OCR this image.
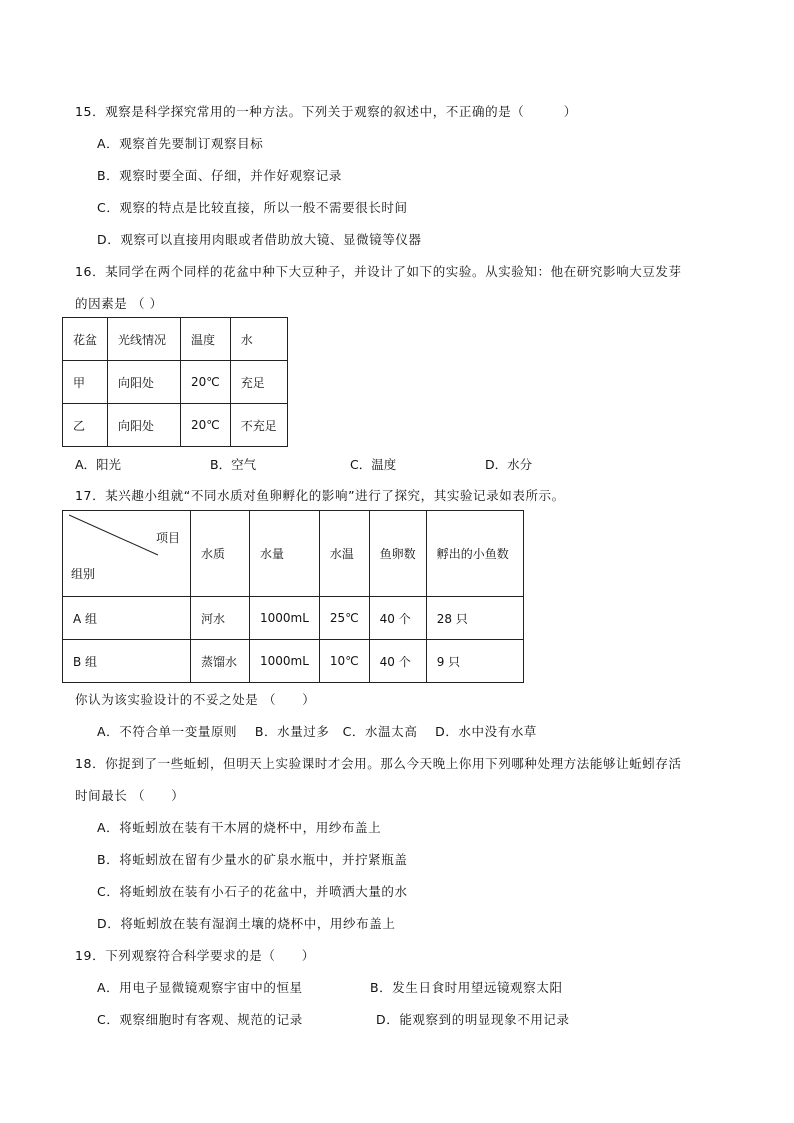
15．观察是科学探究常用的一种方法。下列关于观察的叙述中，不正确的是（　　　）
A．观察首先要制订观察目标
B．观察时要全面、仔细，并作好观察记录
C．观察的特点是比较直接，所以一般不需要很长时间
D．观察可以直接用肉眼或者借助放大镜、显微镜等仪器
16．某同学在两个同样的花盆中种下大豆种子，并设计了如下的实验。从实验知：他在研究影响大豆发芽
的因素是 （ ）
花盆	光线情况	温度	水
甲	向阳处	20℃	充足
乙	向阳处	20℃	不充足
A．阳光	B．空气	C．温度	D．水分
17．某兴趣小组就“不同水质对鱼卵孵化的影响”进行了探究，其实验记录如表所示。
项目
组别	水质	水量	水温	鱼卵数	孵出的小鱼数
A 组	河水	1000mL	25℃	40 个	28 只
B 组	蒸馏水	1000mL	10℃	40 个	9 只
你认为该实验设计的不妥之处是 （　　）
A．不符合单一变量原则　 B．水量过多　C．水温太高　 D．水中没有水草
18．你捉到了一些蚯蚓，但明天上实验课时才会用。那么今天晚上你用下列哪种处理方法能够让蚯蚓存活
时间最长 （　　）
A．将蚯蚓放在装有干木屑的烧杯中，用纱布盖上
B．将蚯蚓放在留有少量水的矿泉水瓶中，并拧紧瓶盖
C．将蚯蚓放在装有小石子的花盆中，并喷洒大量的水
D．将蚯蚓放在装有湿润土壤的烧杯中，用纱布盖上
19．下列观察符合科学要求的是（　　）
A．用电子显微镜观察宇宙中的恒星	B．发生日食时用望远镜观察太阳
C．观察细胞时有客观、规范的记录	D．能观察到的明显现象不用记录
